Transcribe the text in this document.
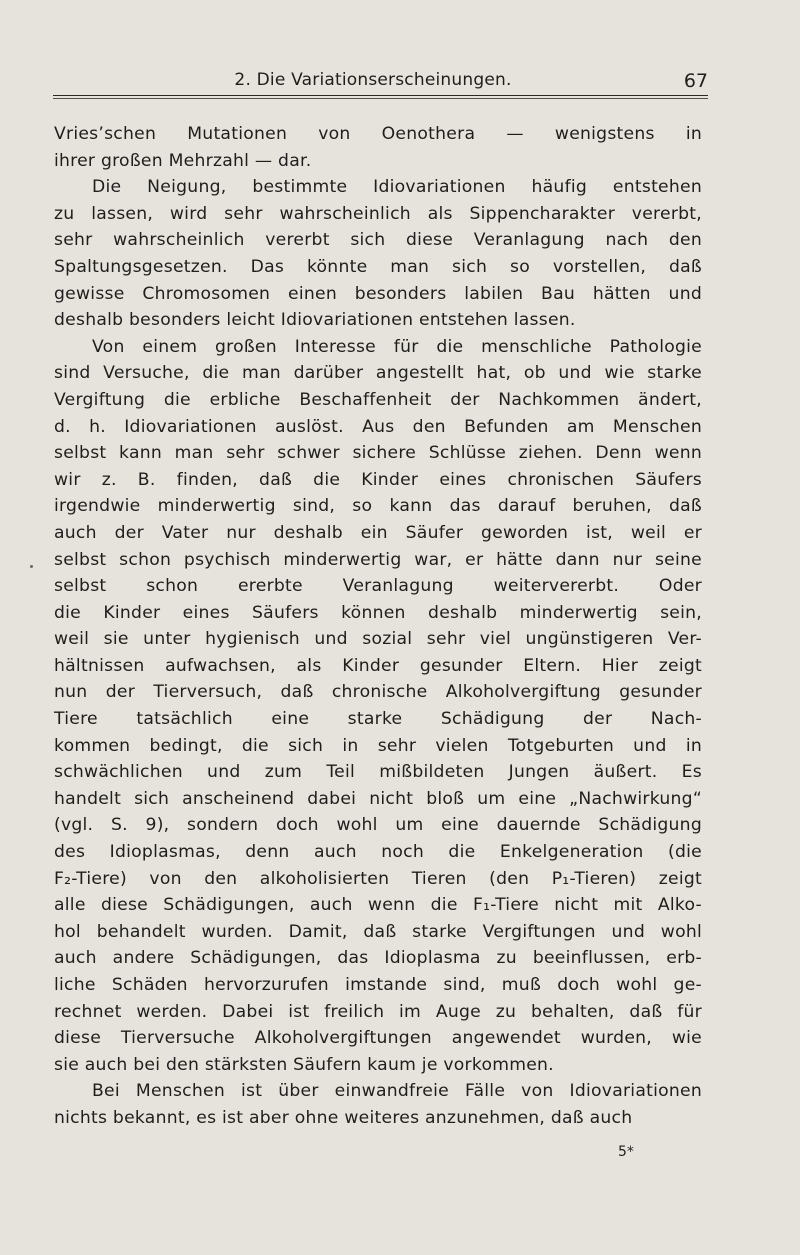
2. Die Variationserscheinungen.	67
Vries’schen Mutationen von Oenothera — wenigstens in
ihrer großen Mehrzahl — dar.
Die Neigung, bestimmte Idiovariationen häufig entstehen
zu lassen, wird sehr wahrscheinlich als Sippencharakter vererbt,
sehr wahrscheinlich vererbt sich diese Veranlagung nach den
Spaltungsgesetzen. Das könnte man sich so vorstellen, daß
gewisse Chromosomen einen besonders labilen Bau hätten und
deshalb besonders leicht Idiovariationen entstehen lassen.
Von einem großen Interesse für die menschliche Pathologie
sind Versuche, die man darüber angestellt hat, ob und wie starke
Vergiftung die erbliche Beschaffenheit der Nachkommen ändert,
d. h. Idiovariationen auslöst. Aus den Befunden am Menschen
selbst kann man sehr schwer sichere Schlüsse ziehen. Denn wenn
wir z. B. finden, daß die Kinder eines chronischen Säufers
irgendwie minderwertig sind, so kann das darauf beruhen, daß
auch der Vater nur deshalb ein Säufer geworden ist, weil er
selbst schon psychisch minderwertig war, er hätte dann nur seine
selbst schon ererbte Veranlagung weitervererbt. Oder
die Kinder eines Säufers können deshalb minderwertig sein,
weil sie unter hygienisch und sozial sehr viel ungünstigeren Ver-
hältnissen aufwachsen, als Kinder gesunder Eltern. Hier zeigt
nun der Tierversuch, daß chronische Alkoholvergiftung gesunder
Tiere tatsächlich eine starke Schädigung der Nach-
kommen bedingt, die sich in sehr vielen Totgeburten und in
schwächlichen und zum Teil mißbildeten Jungen äußert. Es
handelt sich anscheinend dabei nicht bloß um eine „Nachwirkung“
(vgl. S. 9), sondern doch wohl um eine dauernde Schädigung
des Idioplasmas, denn auch noch die Enkelgeneration (die
F₂-Tiere) von den alkoholisierten Tieren (den P₁-Tieren) zeigt
alle diese Schädigungen, auch wenn die F₁-Tiere nicht mit Alko-
hol behandelt wurden. Damit, daß starke Vergiftungen und wohl
auch andere Schädigungen, das Idioplasma zu beeinflussen, erb-
liche Schäden hervorzurufen imstande sind, muß doch wohl ge-
rechnet werden. Dabei ist freilich im Auge zu behalten, daß für
diese Tierversuche Alkoholvergiftungen angewendet wurden, wie
sie auch bei den stärksten Säufern kaum je vorkommen.
Bei Menschen ist über einwandfreie Fälle von Idiovariationen
nichts bekannt, es ist aber ohne weiteres anzunehmen, daß auch
5*
